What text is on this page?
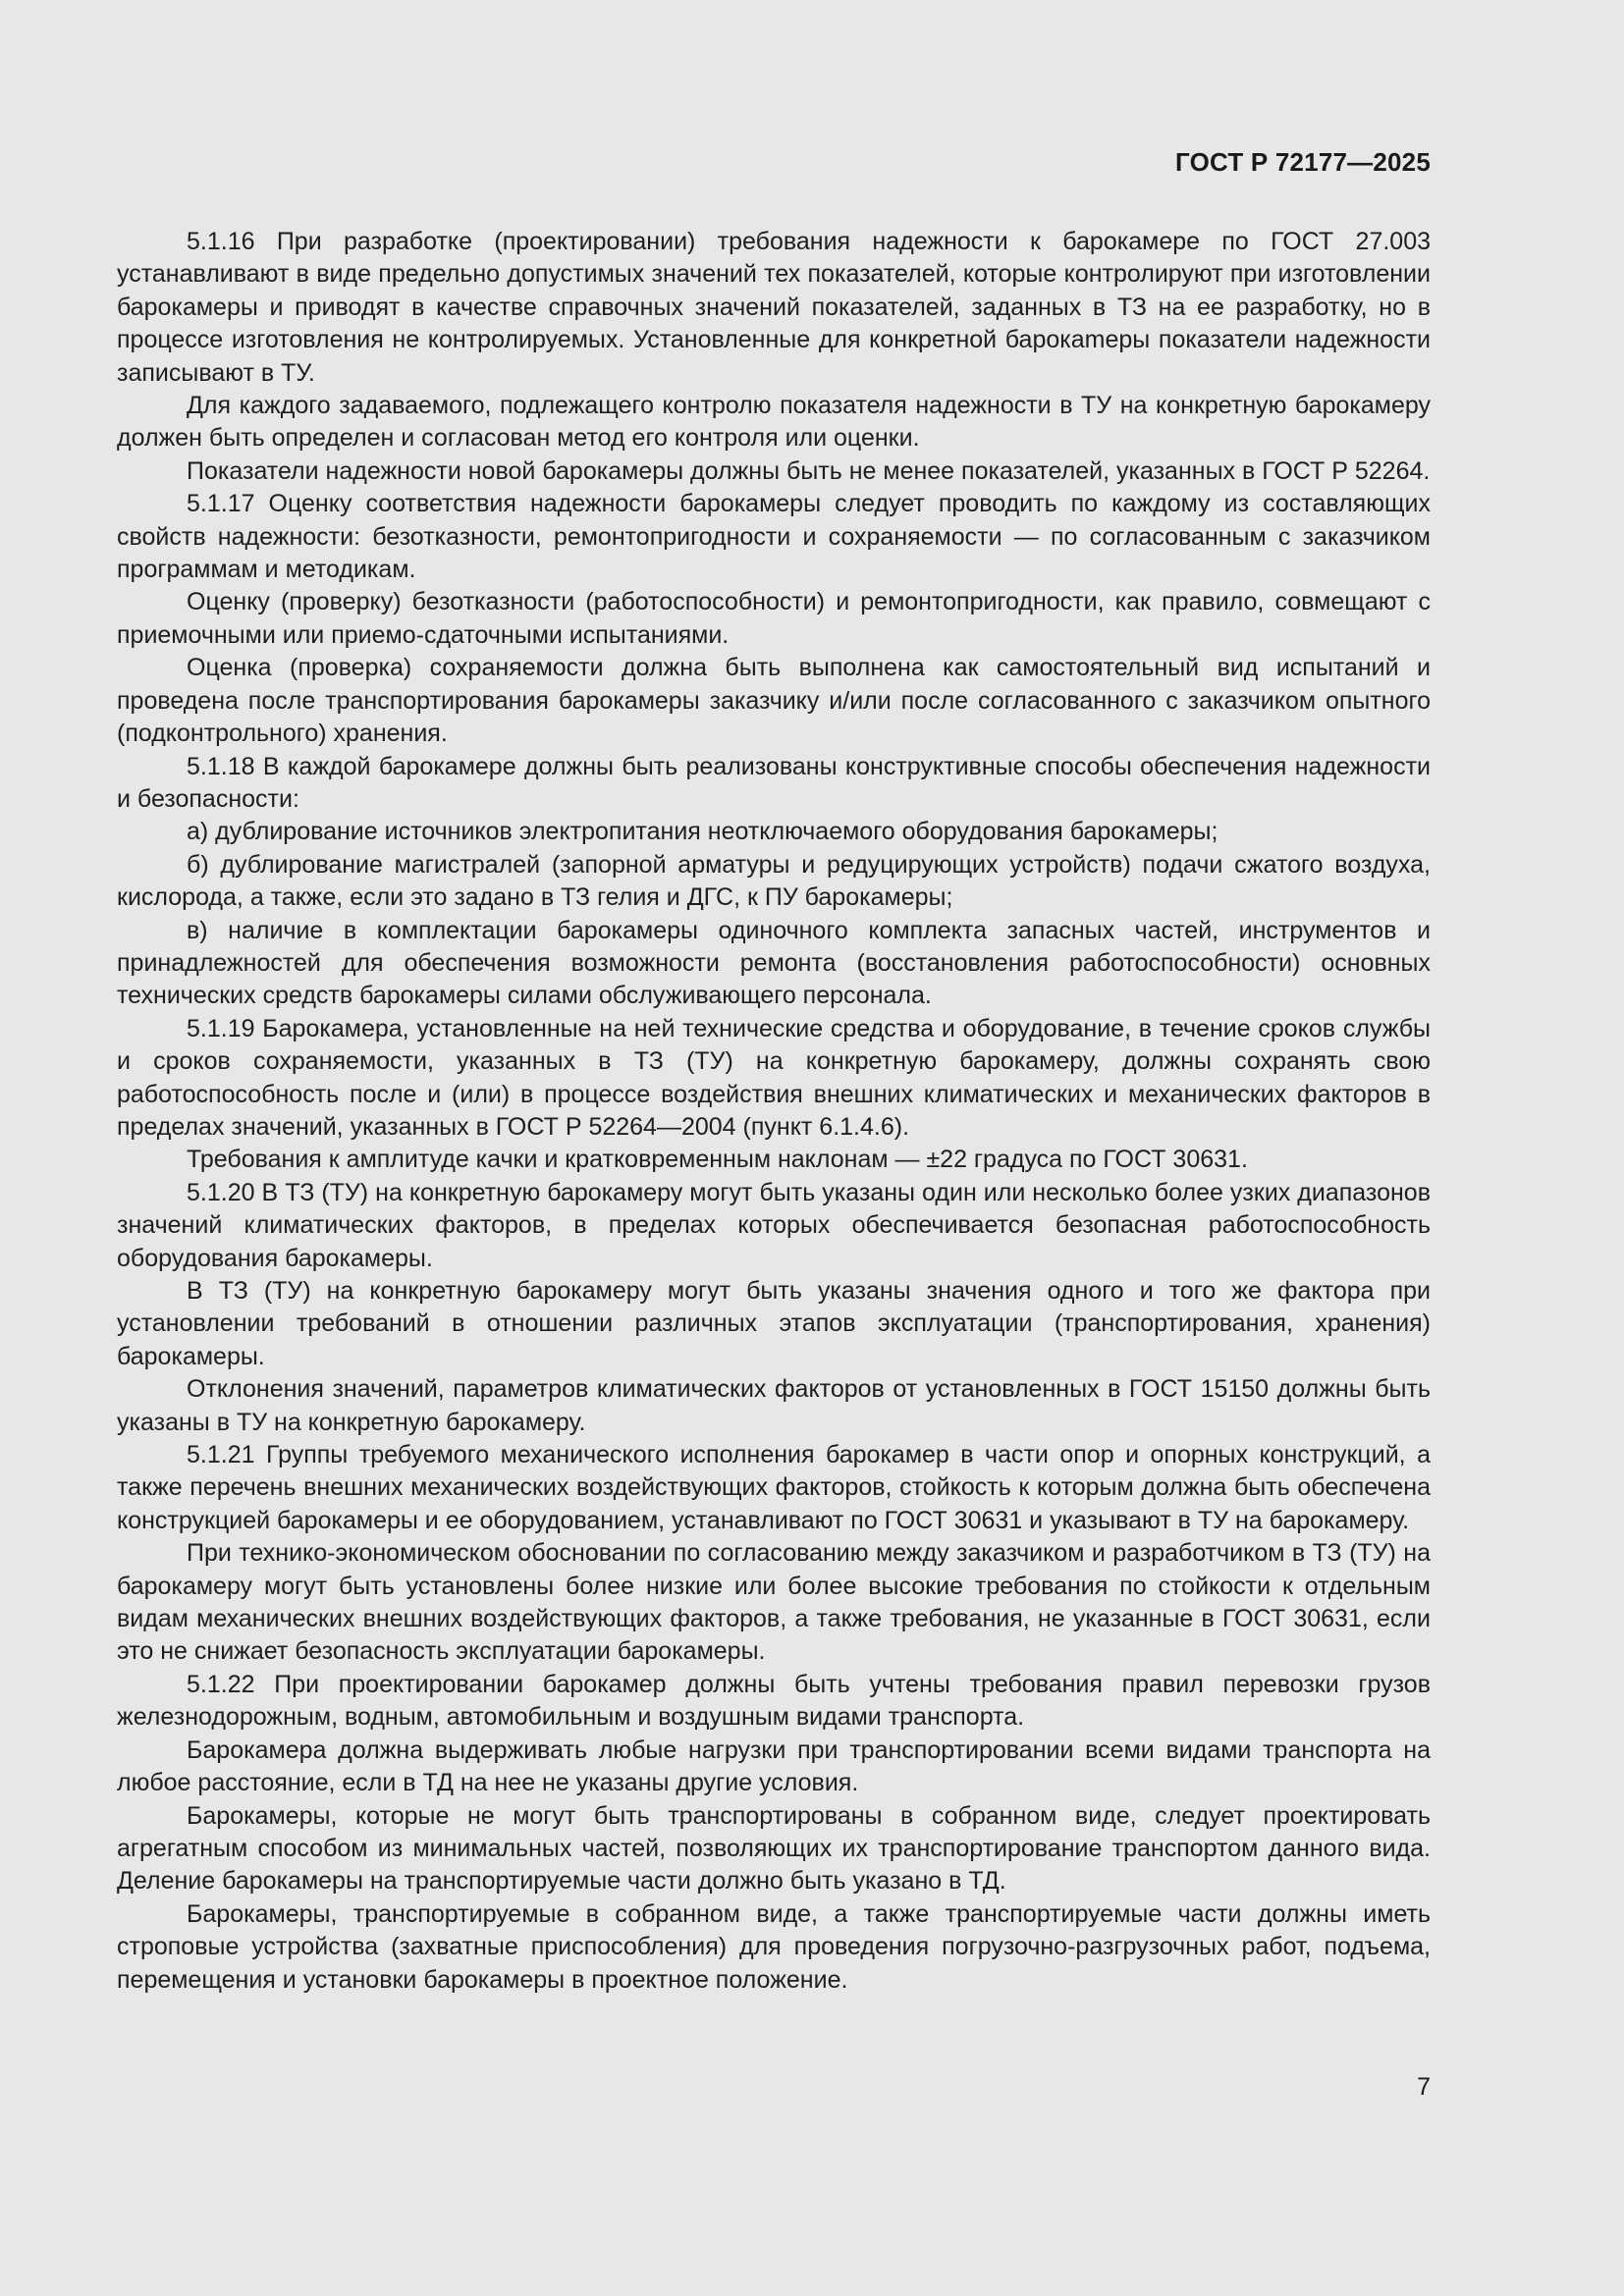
ГОСТ Р 72177—2025

5.1.16 При разработке (проектировании) требования надежности к барокамере по ГОСТ 27.003 устанавливают в виде предельно допустимых значений тех показателей, которые контролируют при изготовлении барокамеры и приводят в качестве справочных значений показателей, заданных в ТЗ на ее разработку, но в процессе изготовления не контролируемых. Установленные для конкретной барокаmеры показатели надежности записывают в ТУ.

Для каждого задаваемого, подлежащего контролю показателя надежности в ТУ на конкретную барокамеру должен быть определен и согласован метод его контроля или оценки.

Показатели надежности новой барокамеры должны быть не менее показателей, указанных в ГОСТ Р 52264.

5.1.17 Оценку соответствия надежности барокамеры следует проводить по каждому из составляющих свойств надежности: безотказности, ремонтопригодности и сохраняемости — по согласованным с заказчиком программам и методикам.

Оценку (проверку) безотказности (работоспособности) и ремонтопригодности, как правило, совмещают с приемочными или приемо-сдаточными испытаниями.

Оценка (проверка) сохраняемости должна быть выполнена как самостоятельный вид испытаний и проведена после транспортирования барокамеры заказчику и/или после согласованного с заказчиком опытного (подконтрольного) хранения.

5.1.18 В каждой барокамере должны быть реализованы конструктивные способы обеспечения надежности и безопасности:

а) дублирование источников электропитания неотключаемого оборудования барокамеры;

б) дублирование магистралей (запорной арматуры и редуцирующих устройств) подачи сжатого воздуха, кислорода, а также, если это задано в ТЗ гелия и ДГС, к ПУ барокамеры;

в) наличие в комплектации барокамеры одиночного комплекта запасных частей, инструментов и принадлежностей для обеспечения возможности ремонта (восстановления работоспособности) основных технических средств барокамеры силами обслуживающего персонала.

5.1.19 Барокамера, установленные на ней технические средства и оборудование, в течение сроков службы и сроков сохраняемости, указанных в ТЗ (ТУ) на конкретную барокамеру, должны сохранять свою работоспособность после и (или) в процессе воздействия внешних климатических и механических факторов в пределах значений, указанных в ГОСТ Р 52264—2004 (пункт 6.1.4.6).

Требования к амплитуде качки и кратковременным наклонам — ±22 градуса по ГОСТ 30631.

5.1.20 В ТЗ (ТУ) на конкретную барокамеру могут быть указаны один или несколько более узких диапазонов значений климатических факторов, в пределах которых обеспечивается безопасная работоспособность оборудования барокамеры.

В ТЗ (ТУ) на конкретную барокамеру могут быть указаны значения одного и того же фактора при установлении требований в отношении различных этапов эксплуатации (транспортирования, хранения) барокамеры.

Отклонения значений, параметров климатических факторов от установленных в ГОСТ 15150 должны быть указаны в ТУ на конкретную барокамеру.

5.1.21 Группы требуемого механического исполнения барокамер в части опор и опорных конструкций, а также перечень внешних механических воздействующих факторов, стойкость к которым должна быть обеспечена конструкцией барокамеры и ее оборудованием, устанавливают по ГОСТ 30631 и указывают в ТУ на барокамеру.

При технико-экономическом обосновании по согласованию между заказчиком и разработчиком в ТЗ (ТУ) на барокамеру могут быть установлены более низкие или более высокие требования по стойкости к отдельным видам механических внешних воздействующих факторов, а также требования, не указанные в ГОСТ 30631, если это не снижает безопасность эксплуатации барокамеры.

5.1.22 При проектировании барокамер должны быть учтены требования правил перевозки грузов железнодорожным, водным, автомобильным и воздушным видами транспорта.

Барокамера должна выдерживать любые нагрузки при транспортировании всеми видами транспорта на любое расстояние, если в ТД на нее не указаны другие условия.

Барокамеры, которые не могут быть транспортированы в собранном виде, следует проектировать агрегатным способом из минимальных частей, позволяющих их транспортирование транспортом данного вида. Деление барокамеры на транспортируемые части должно быть указано в ТД.

Барокамеры, транспортируемые в собранном виде, а также транспортируемые части должны иметь строповые устройства (захватные приспособления) для проведения погрузочно-разгрузочных работ, подъема, перемещения и установки барокамеры в проектное положение.

7
